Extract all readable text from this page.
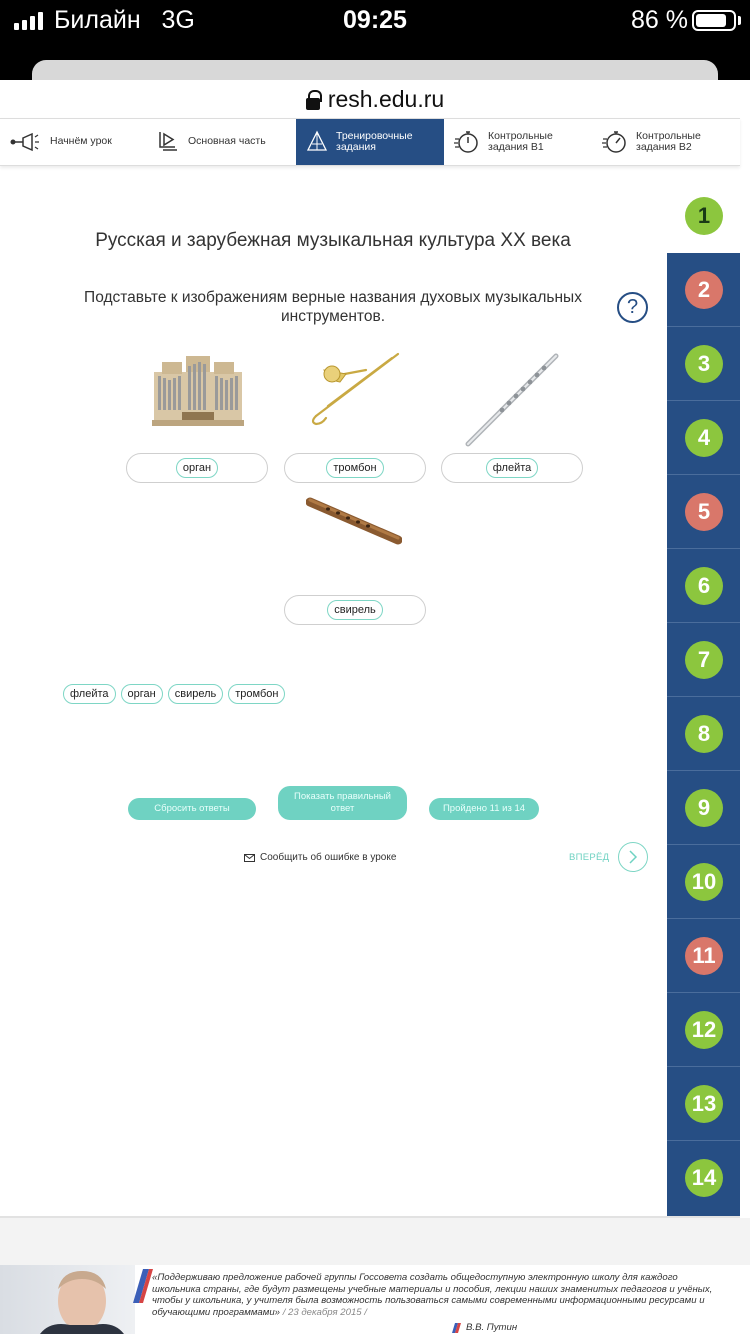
Билайн 3G	09:25	86 %
resh.edu.ru
Начнём урок	Основная часть	Тренировочные задания
Контрольные задания В1
Контрольные задания В2
1
2
3
4
5
6
7
8
9
10
11
12
13
14
Русская и зарубежная музыкальная культура XX века
Подставьте к изображениям верные названия духовых музыкальных инструментов.	?
орган	тромбон	флейта
свирель
флейта	орган	свирель	тромбон
Сбросить ответы
Показать правильный ответ	Пройдено 11 из 14
Сообщить об ошибке в уроке	ВПЕРЁД
«Поддерживаю предложение рабочей группы Госсовета создать общедоступную электронную школу для каждого школьника страны, где будут размещены учебные материалы и пособия, лекции наших знаменитых педагогов и учёных, чтобы у школьника, у учителя была возможность пользоваться самыми современными информационными ресурсами и обучающими программами» / 23 декабря 2015 /
В.В. Путин
